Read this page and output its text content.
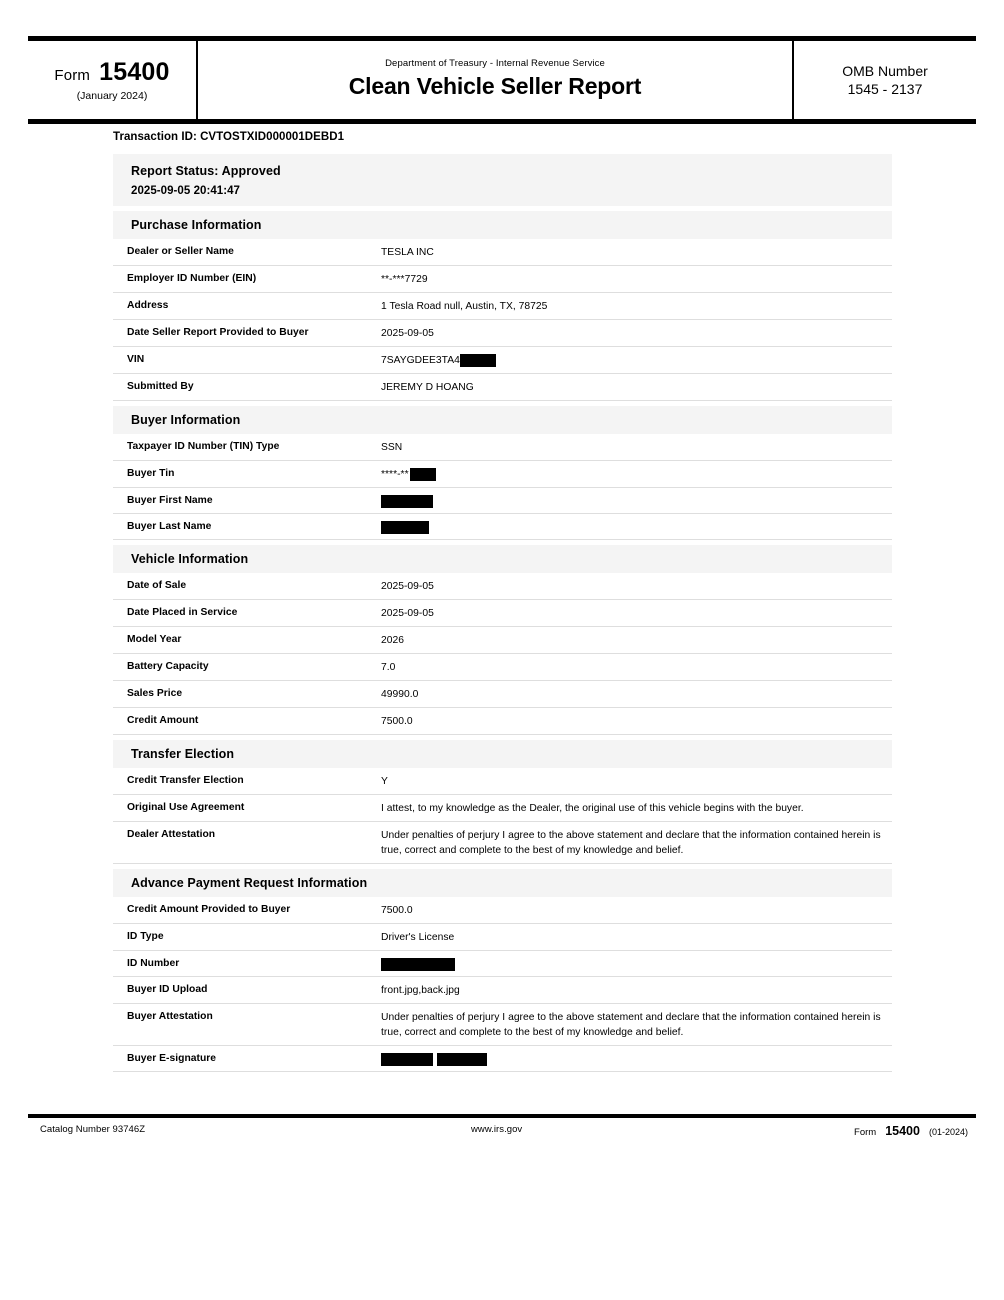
Form 15400
(January 2024)
Department of Treasury - Internal Revenue Service
Clean Vehicle Seller Report
OMB Number
1545 - 2137
Transaction ID: CVTOSTXID000001DEBD1
Report Status: Approved
2025-09-05 20:41:47
Purchase Information
Dealer or Seller Name	TESLA INC
Employer ID Number (EIN)	**-***7729
Address	1 Tesla Road null, Austin, TX, 78725
Date Seller Report Provided to Buyer	2025-09-05
VIN	7SAYGDEE3TA4
Submitted By	JEREMY D HOANG
Buyer Information
Taxpayer ID Number (TIN) Type	SSN
Buyer Tin	****-**
Buyer First Name
Buyer Last Name
Vehicle Information
Date of Sale	2025-09-05
Date Placed in Service	2025-09-05
Model Year	2026
Battery Capacity	7.0
Sales Price	49990.0
Credit Amount	7500.0
Transfer Election
Credit Transfer Election	Y
Original Use Agreement	I attest, to my knowledge as the Dealer, the original use of this vehicle begins with the buyer.
Dealer Attestation	Under penalties of perjury I agree to the above statement and declare that the information contained herein is true, correct and complete to the best of my knowledge and belief.
Advance Payment Request Information
Credit Amount Provided to Buyer	7500.0
ID Type	Driver's License
ID Number
Buyer ID Upload	front.jpg,back.jpg
Buyer Attestation	Under penalties of perjury I agree to the above statement and declare that the information contained herein is true, correct and complete to the best of my knowledge and belief.
Buyer E-signature
Catalog Number 93746Z	www.irs.gov	Form 15400 (01-2024)
